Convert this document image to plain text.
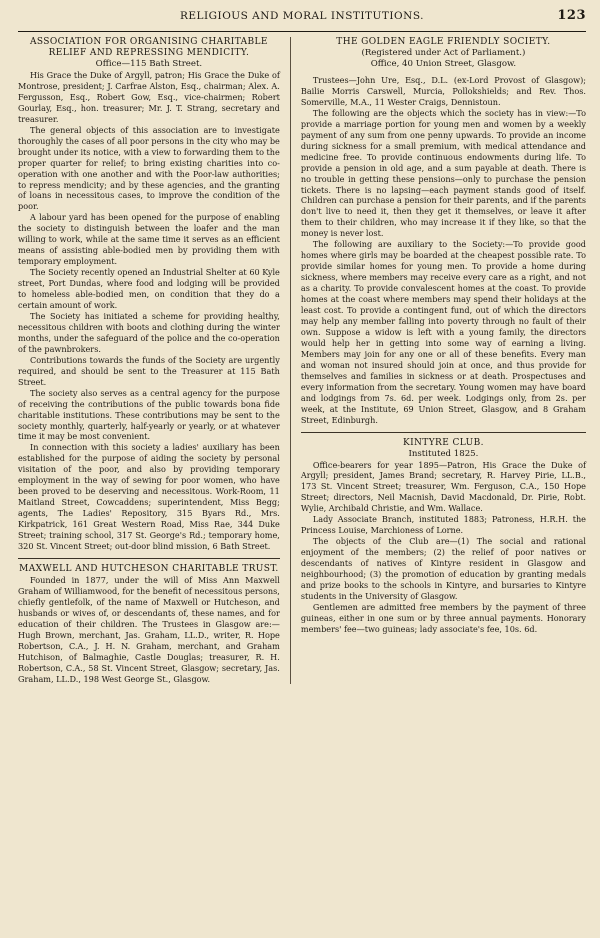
RELIGIOUS AND MORAL INSTITUTIONS.	123

ASSOCIATION FOR ORGANISING CHARITABLE RELIEF AND REPRESSING MENDICITY.

Office—115 Bath Street.

His Grace the Duke of Argyll, patron; His Grace the Duke of Montrose, president; J. Carfrae Alston, Esq., chairman; Alex. A. Fergusson, Esq., Robert Gow, Esq., vice-chairmen; Robert Gourlay, Esq., hon. treasurer; Mr. J. T. Strang, secretary and treasurer.

The general objects of this association are to investigate thoroughly the cases of all poor persons in the city who may be brought under its notice, with a view to forwarding them to the proper quarter for relief; to bring existing charities into co-operation with one another and with the Poor-law authorities; to repress mendicity; and by these agencies, and the granting of loans in necessitous cases, to improve the condition of the poor.

A labour yard has been opened for the purpose of enabling the society to distinguish between the loafer and the man willing to work, while at the same time it serves as an efficient means of assisting able-bodied men by providing them with temporary employment.

The Society recently opened an Industrial Shelter at 60 Kyle street, Port Dundas, where food and lodging will be provided to homeless able-bodied men, on condition that they do a certain amount of work.

The Society has initiated a scheme for providing healthy, necessitous children with boots and clothing during the winter months, under the safeguard of the police and the co-operation of the pawnbrokers.

Contributions towards the funds of the Society are urgently required, and should be sent to the Treasurer at 115 Bath Street.

The society also serves as a central agency for the purpose of receiving the contributions of the public towards bona fide charitable institutions. These contributions may be sent to the society monthly, quarterly, half-yearly or yearly, or at whatever time it may be most convenient.

In connection with this society a ladies' auxiliary has been established for the purpose of aiding the society by personal visitation of the poor, and also by providing temporary employment in the way of sewing for poor women, who have been proved to be deserving and necessitous. Work-Room, 11 Maitland Street, Cowcaddens; superintendent, Miss Begg; agents, The Ladies' Repository, 315 Byars Rd., Mrs. Kirkpatrick, 161 Great Western Road, Miss Rae, 344 Duke Street; training school, 317 St. George's Rd.; temporary home, 320 St. Vincent Street; out-door blind mission, 6 Bath Street.

MAXWELL AND HUTCHESON CHARITABLE TRUST.

Founded in 1877, under the will of Miss Ann Maxwell Graham of Williamwood, for the benefit of necessitous persons, chiefly gentlefolk, of the name of Maxwell or Hutcheson, and husbands or wives of, or descendants of, these names, and for education of their children. The Trustees in Glasgow are:—Hugh Brown, merchant, Jas. Graham, LL.D., writer, R. Hope Robertson, C.A., J. H. N. Graham, merchant, and Graham Hutchison, of Balmaghie, Castle Douglas; treasurer, R. H. Robertson, C.A., 58 St. Vincent Street, Glasgow; secretary, Jas. Graham, LL.D., 198 West George St., Glasgow.

THE GOLDEN EAGLE FRIENDLY SOCIETY.

(Registered under Act of Parliament.)

Office, 40 Union Street, Glasgow.

Trustees—John Ure, Esq., D.L. (ex-Lord Provost of Glasgow); Bailie Morris Carswell, Murcia, Pollokshields; and Rev. Thos. Somerville, M.A., 11 Wester Craigs, Dennistoun.

The following are the objects which the society has in view:—To provide a marriage portion for young men and women by a weekly payment of any sum from one penny upwards. To provide an income during sickness for a small premium, with medical attendance and medicine free. To provide continuous endowments during life. To provide a pension in old age, and a sum payable at death. There is no trouble in getting these pensions—only to purchase the pension tickets. There is no lapsing—each payment stands good of itself. Children can purchase a pension for their parents, and if the parents don't live to need it, then they get it themselves, or leave it after them to their children, who may increase it if they like, so that the money is never lost.

The following are auxiliary to the Society:—To provide good homes where girls may be boarded at the cheapest possible rate. To provide similar homes for young men. To provide a home during sickness, where members may receive every care as a right, and not as a charity. To provide convalescent homes at the coast. To provide homes at the coast where members may spend their holidays at the least cost. To provide a contingent fund, out of which the directors may help any member falling into poverty through no fault of their own. Suppose a widow is left with a young family, the directors would help her in getting into some way of earning a living. Members may join for any one or all of these benefits. Every man and woman not insured should join at once, and thus provide for themselves and families in sickness or at death. Prospectuses and every information from the secretary. Young women may have board and lodgings from 7s. 6d. per week. Lodgings only, from 2s. per week, at the Institute, 69 Union Street, Glasgow, and 8 Graham Street, Edinburgh.

KINTYRE CLUB.

Instituted 1825.

Office-bearers for year 1895—Patron, His Grace the Duke of Argyll; president, James Brand; secretary, R. Harvey Pirie, LL.B., 173 St. Vincent Street; treasurer, Wm. Ferguson, C.A., 150 Hope Street; directors, Neil Macnish, David Macdonald, Dr. Pirie, Robt. Wylie, Archibald Christie, and Wm. Wallace.

Lady Associate Branch, instituted 1883; Patroness, H.R.H. the Princess Louise, Marchioness of Lorne.

The objects of the Club are—(1) The social and rational enjoyment of the members; (2) the relief of poor natives or descendants of natives of Kintyre resident in Glasgow and neighbourhood; (3) the promotion of education by granting medals and prize books to the schools in Kintyre, and bursaries to Kintyre students in the University of Glasgow.

Gentlemen are admitted free members by the payment of three guineas, either in one sum or by three annual payments. Honorary members' fee—two guineas; lady associate's fee, 10s. 6d.
